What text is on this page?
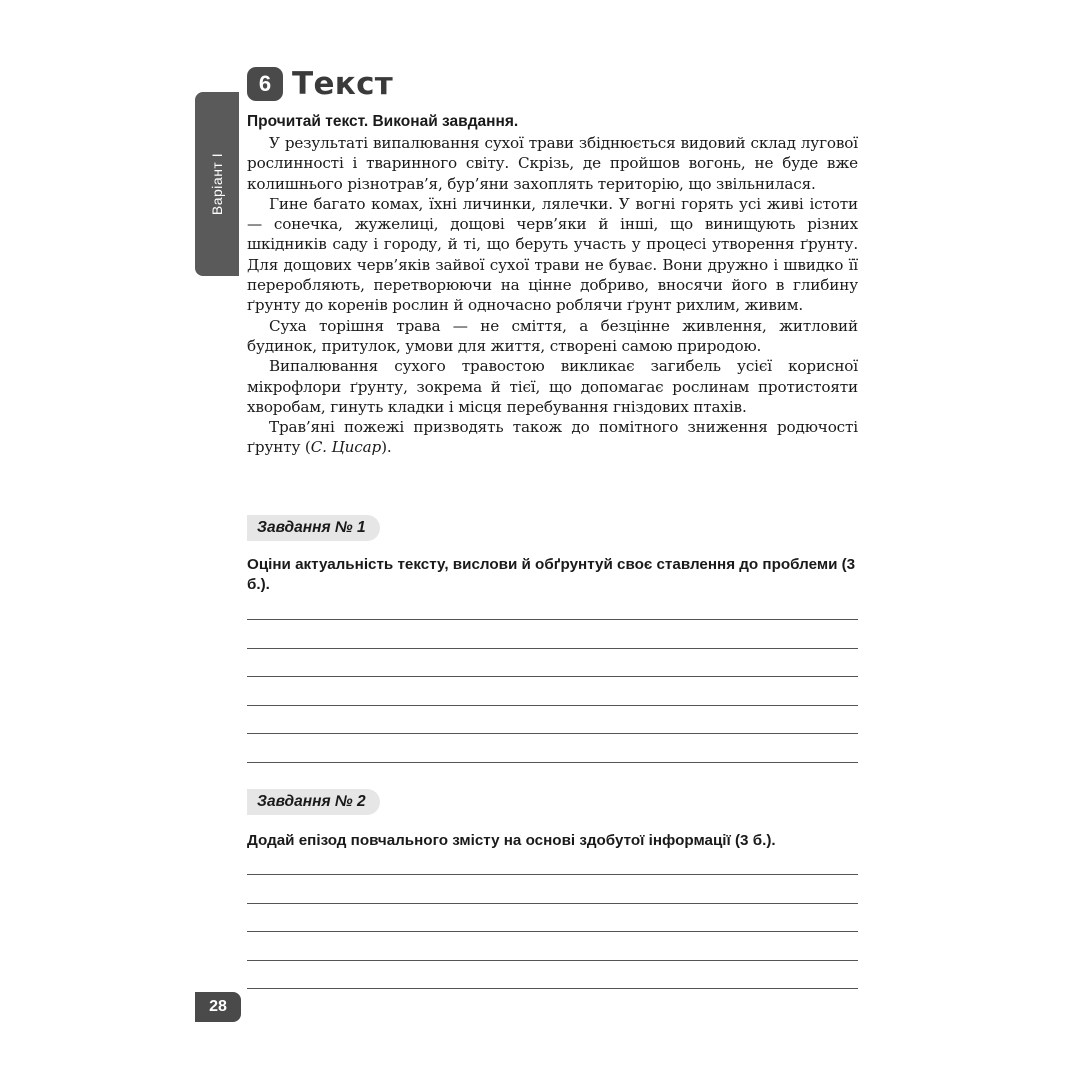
Варіант І
6 Текст
Прочитай текст. Виконай завдання.

У результаті випалювання сухої трави збіднюється видовий склад лугової рослинності і тваринного світу. Скрізь, де пройшов вогонь, не буде вже колишнього різнотрав’я, бур’яни захоплять територію, що звільнилася.

Гине багато комах, їхні личинки, лялечки. У вогні горять усі живі істоти — сонечка, жужелиці, дощові черв’яки й інші, що винищують різних шкідників саду і городу, й ті, що беруть участь у процесі утворення ґрунту. Для дощових черв’яків зайвої сухої трави не буває. Вони дружно і швидко її переробляють, перетворюючи на цінне добриво, вносячи його в глибину ґрунту до коренів рослин й одночасно роблячи ґрунт рихлим, живим.

Суха торішня трава — не сміття, а безцінне живлення, житловий будинок, притулок, умови для життя, створені самою природою.

Випалювання сухого травостою викликає загибель усієї корисної мікрофлори ґрунту, зокрема й тієї, що допомагає рослинам протистояти хворобам, гинуть кладки і місця перебування гніздових птахів.

Трав’яні пожежі призводять також до помітного зниження родючості ґрунту (С. Цисар).

Завдання № 1
Оціни актуальність тексту, вислови й обґрунтуй своє ставлення до проблеми (3 б.).
Завдання № 2
Додай епізод повчального змісту на основі здобутої інформації (3 б.).
28
